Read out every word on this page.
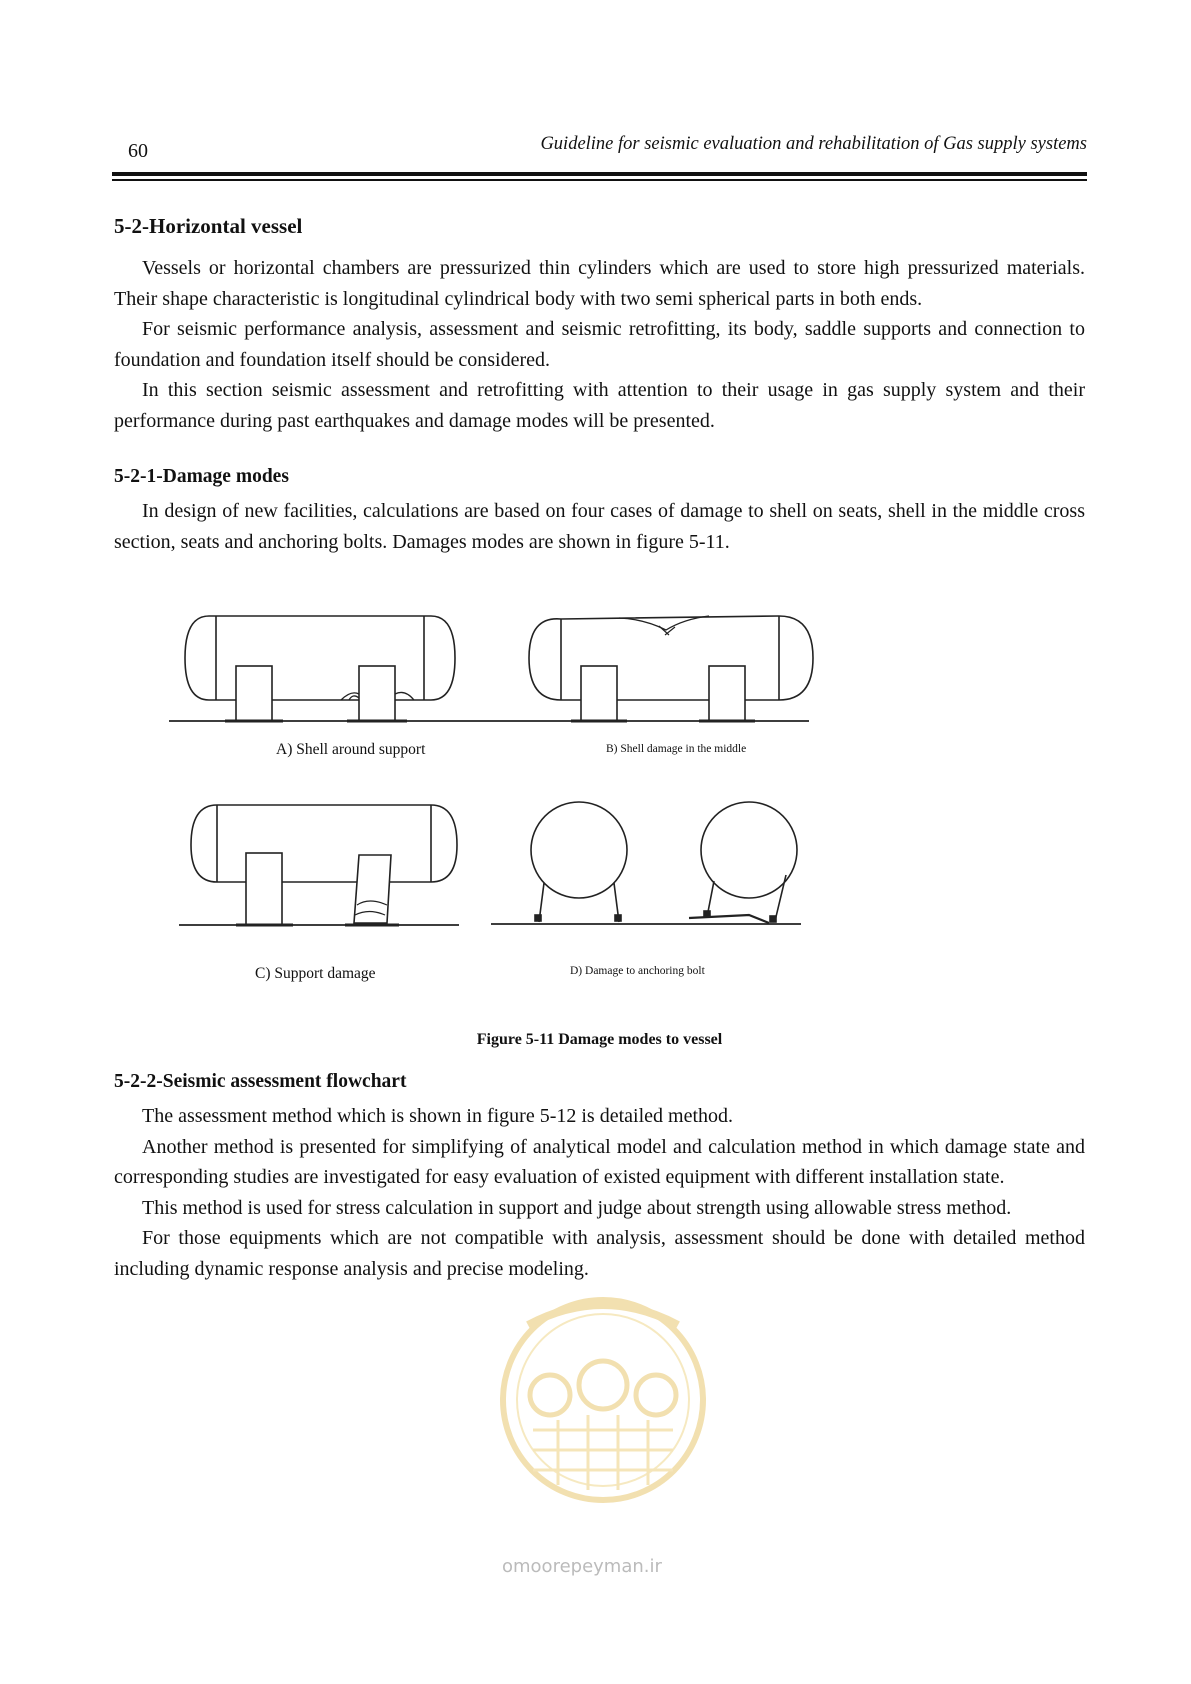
60	Guideline for seismic evaluation and rehabilitation of Gas supply systems
5-2-Horizontal vessel

Vessels or horizontal chambers are pressurized thin cylinders which are used to store high pressurized materials. Their shape characteristic is longitudinal cylindrical body with two semi spherical parts in both ends.

For seismic performance analysis, assessment and seismic retrofitting, its body, saddle supports and connection to foundation and foundation itself should be considered.

In this section seismic assessment and retrofitting with attention to their usage in gas supply system and their performance during past earthquakes and damage modes will be presented.

5-2-1-Damage modes

In design of new facilities, calculations are based on four cases of damage to shell on seats, shell in the middle cross section, seats and anchoring bolts. Damages modes are shown in figure 5-11.

A) Shell around support	B) Shell damage in the middle
C) Support damage	D) Damage to anchoring bolt
Figure 5-11 Damage modes to vessel
5-2-2-Seismic assessment flowchart

The assessment method which is shown in figure 5-12 is detailed method.

Another method is presented for simplifying of analytical model and calculation method in which damage state and corresponding studies are investigated for easy evaluation of existed equipment with different installation state.

This method is used for stress calculation in support and judge about strength using allowable stress method.

For those equipments which are not compatible with analysis, assessment should be done with detailed method including dynamic response analysis and precise modeling.

omoorepeyman.ir
